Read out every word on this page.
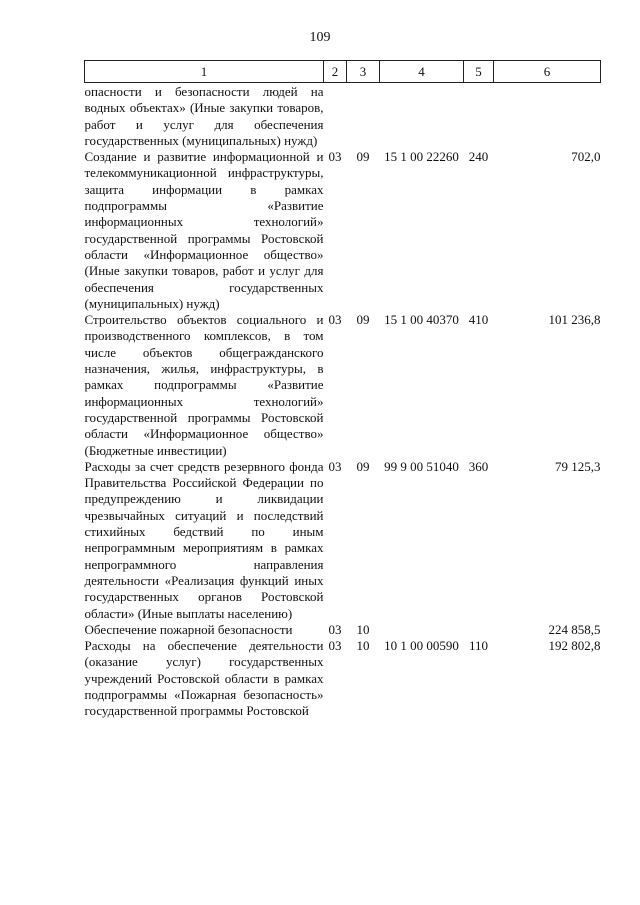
109
1	2	3	4	5	6
опасности и безопасности людей на водных объектах» (Иные закупки товаров, работ и услуг для обеспечения государственных (муниципальных) нужд)					
Создание и развитие информационной и телекоммуникационной инфраструктуры, защита информации в рамках подпрограммы «Развитие информационных технологий» государственной программы Ростовской области «Информационное общество» (Иные закупки товаров, работ и услуг для обеспечения государственных (муниципальных) нужд)	03	09	15 1 00 22260	240	702,0
Строительство объектов социального и производственного комплексов, в том числе объектов общегражданского назначения, жилья, инфраструктуры, в рамках подпрограммы «Развитие информационных технологий» государственной программы Ростовской области «Информационное общество» (Бюджетные инвестиции)	03	09	15 1 00 40370	410	101 236,8
Расходы за счет средств резервного фонда Правительства Российской Федерации по предупреждению и ликвидации чрезвычайных ситуаций и последствий стихийных бедствий по иным непрограммным мероприятиям в рамках непрограммного направления деятельности «Реализация функций иных государственных органов Ростовской области» (Иные выплаты населению)	03	09	99 9 00 51040	360	79 125,3
Обеспечение пожарной безопасности	03	10			224 858,5
Расходы на обеспечение деятельности (оказание услуг) государственных учреждений Ростовской области в рамках подпрограммы «Пожарная безопасность» государственной программы Ростовской	03	10	10 1 00 00590	110	192 802,8
